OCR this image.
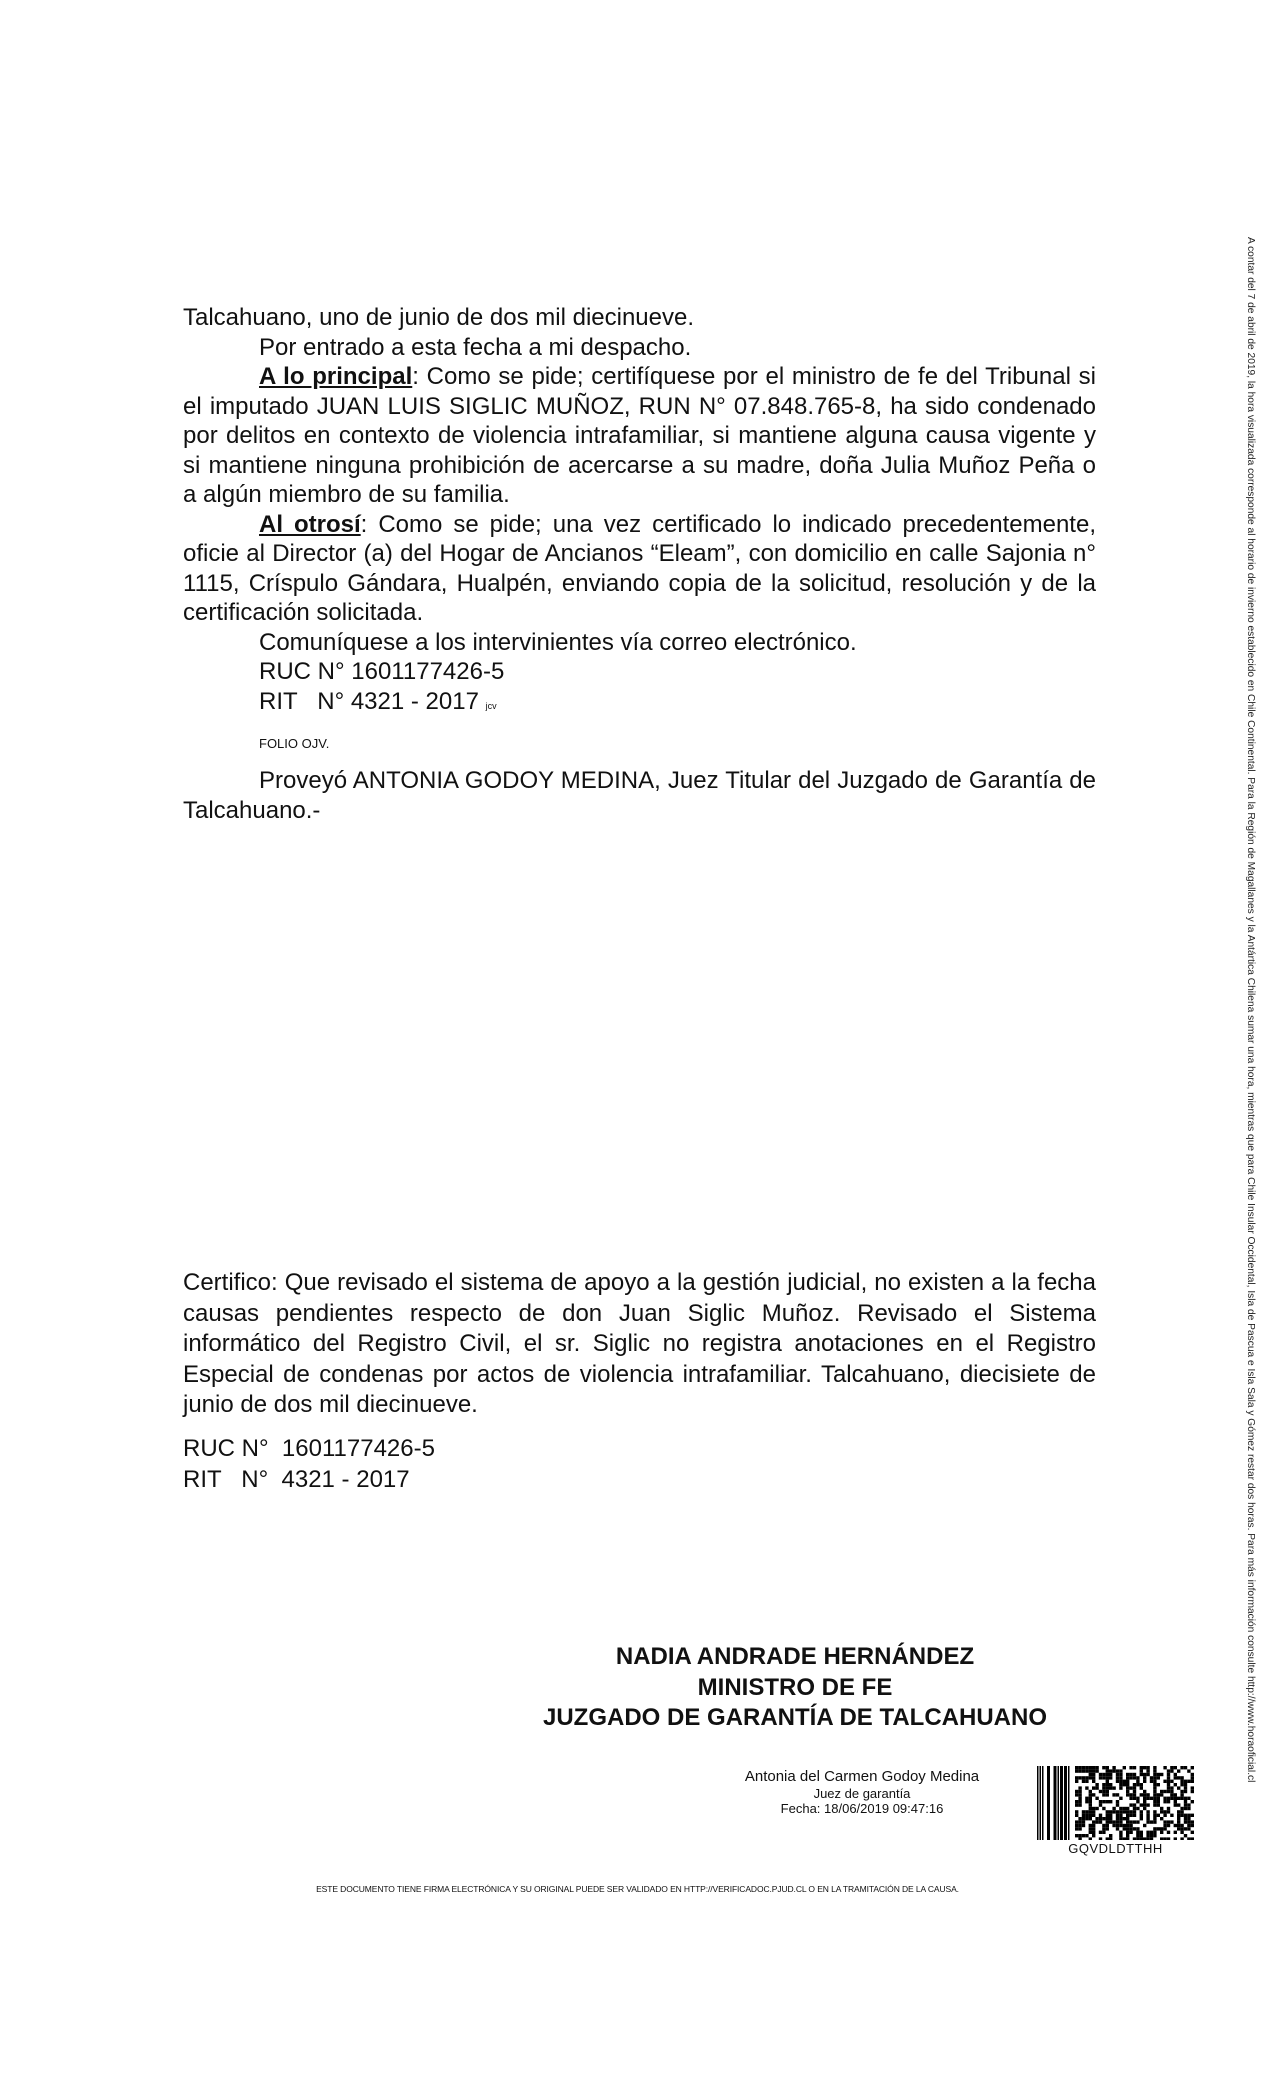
Talcahuano, uno de junio de dos mil diecinueve.

Por entrado a esta fecha a mi despacho.

A lo principal: Como se pide; certifíquese por el ministro de fe del Tribunal si el imputado JUAN LUIS SIGLIC MUÑOZ, RUN N° 07.848.765-8, ha sido condenado por delitos en contexto de violencia intrafamiliar, si mantiene alguna causa vigente y si mantiene ninguna prohibición de acercarse a su madre, doña Julia Muñoz Peña o a algún miembro de su familia.

Al otrosí: Como se pide; una vez certificado lo indicado precedentemente, oficie al Director (a) del Hogar de Ancianos “Eleam”, con domicilio en calle Sajonia n° 1115, Críspulo Gándara, Hualpén, enviando copia de la solicitud, resolución y de la certificación solicitada.

Comuníquese a los intervinientes vía correo electrónico.

RUC N° 1601177426-5

RIT   N° 4321 - 2017 jcv

FOLIO OJV.

Proveyó ANTONIA GODOY MEDINA, Juez Titular del Juzgado de Garantía de Talcahuano.-

Certifico: Que revisado el sistema de apoyo a la gestión judicial, no existen a la fecha causas pendientes respecto de don Juan Siglic Muñoz. Revisado el Sistema informático del Registro Civil, el sr. Siglic no registra anotaciones en el Registro Especial de condenas por actos de violencia intrafamiliar. Talcahuano, diecisiete de junio de dos mil diecinueve.

RUC N°  1601177426-5
RIT   N°  4321 - 2017
NADIA ANDRADE HERNÁNDEZ
MINISTRO DE FE
JUZGADO DE GARANTÍA DE TALCAHUANO
Antonia del Carmen Godoy Medina
Juez de garantía
Fecha: 18/06/2019 09:47:16
GQVDLDTTHH
ESTE DOCUMENTO TIENE FIRMA ELECTRÓNICA Y SU ORIGINAL PUEDE SER VALIDADO EN HTTP://VERIFICADOC.PJUD.CL O EN LA TRAMITACIÓN DE LA CAUSA.
A contar del 7 de abril de 2019, la hora visualizada corresponde al horario de invierno establecido en Chile Continental. Para la Región de Magallanes y la Antártica Chilena sumar una hora, mientras que para Chile Insular Occidental, Isla de Pascua e Isla Sala y Gómez restar dos horas. Para más información consulte http://www.horaoficial.cl
